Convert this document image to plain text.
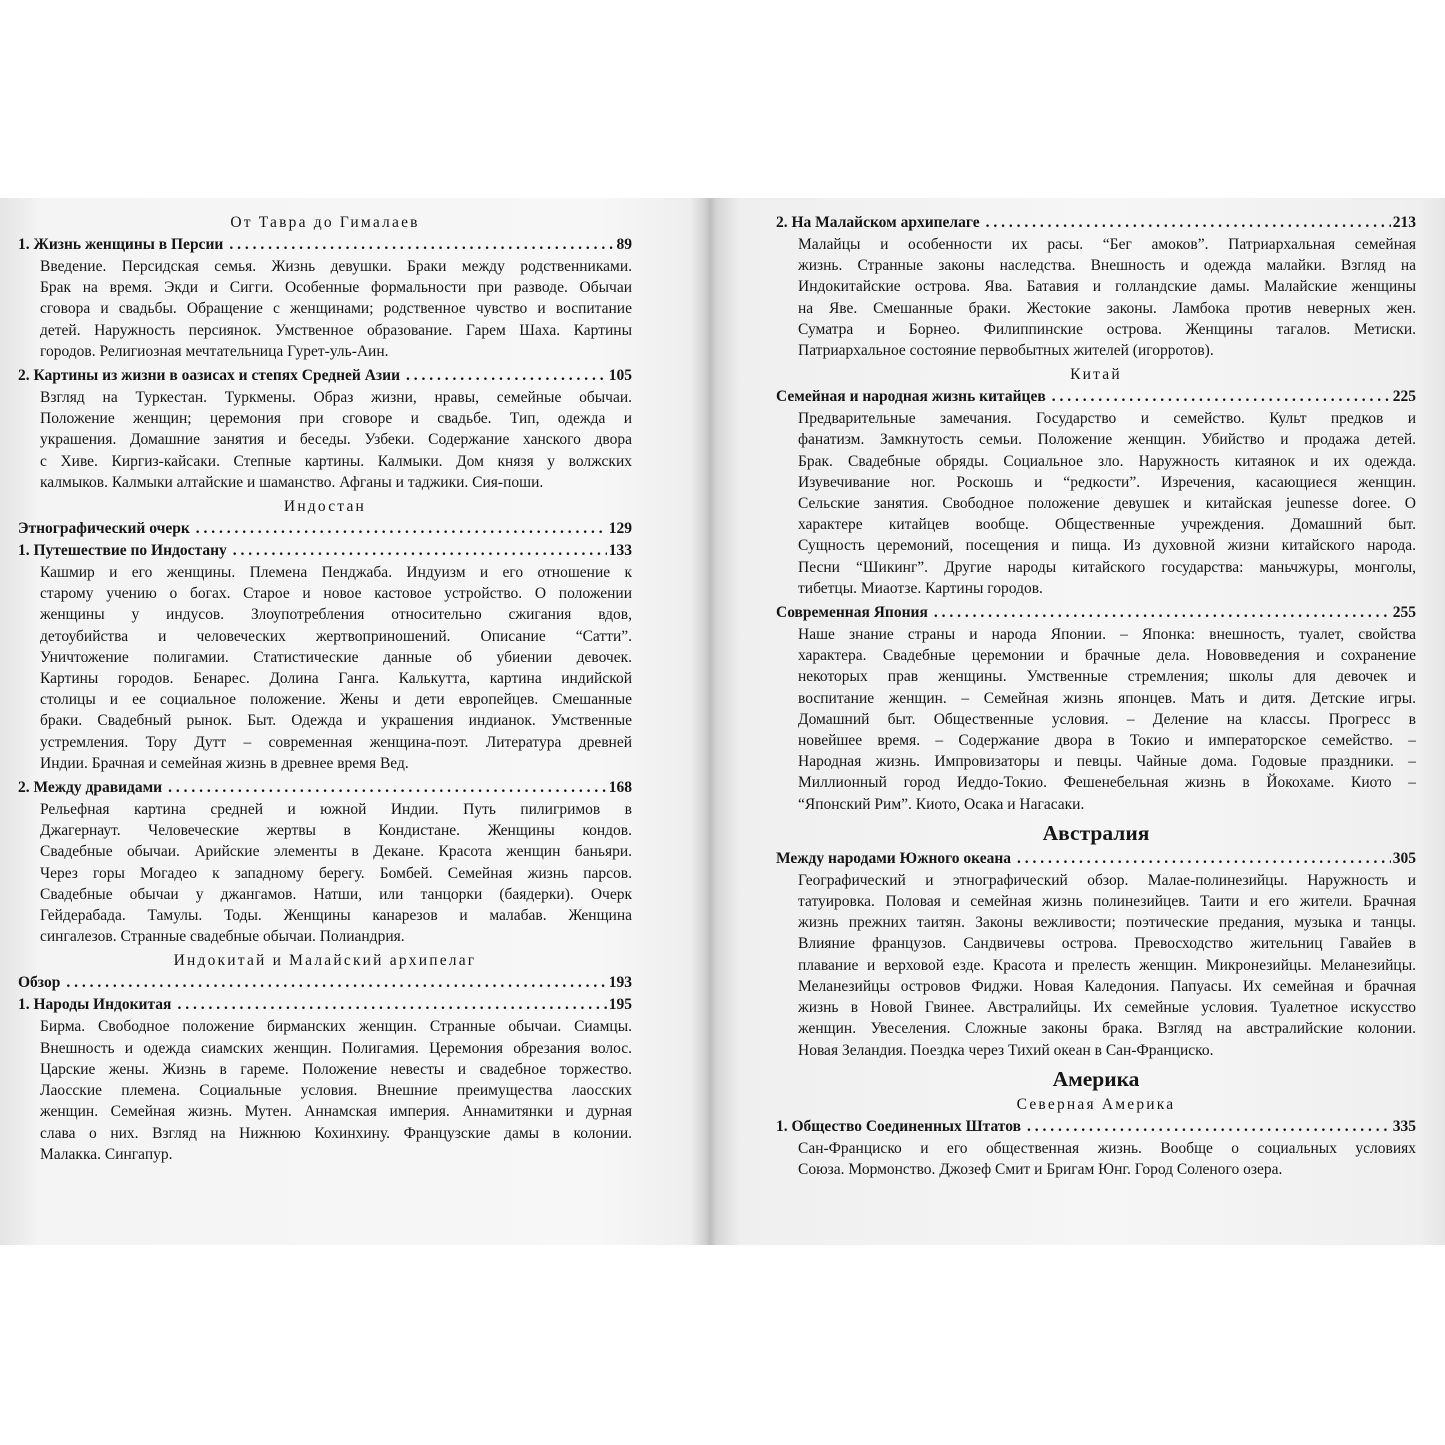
От Тавра до Гималаев
1. Жизнь женщины в Персии . . .	89
Введение. Персидская семья. Жизнь девушки. Браки между родственниками.
Брак на время. Экди и Сигги. Особенные формальности при разводе. Обычаи
сговора и свадьбы. Обращение с женщинами; родственное чувство и воспитание
детей. Наружность персиянок. Умственное образование. Гарем Шаха. Картины
городов. Религиозная мечтательница Гурет-уль-Аин.
2. Картины из жизни в оазисах и степях Средней Азии . . .	105
Взгляд на Туркестан. Туркмены. Образ жизни, нравы, семейные обычаи.
Положение женщин; церемония при сговоре и свадьбе. Тип, одежда и
украшения. Домашние занятия и беседы. Узбеки. Содержание ханского двора
с Хиве. Киргиз-кайсаки. Степные картины. Калмыки. Дом князя у волжских
калмыков. Калмыки алтайские и шаманство. Афганы и таджики. Сия-поши.
Индостан
Этнографический очерк . . .	129
1. Путешествие по Индостану . . .	133
Кашмир и его женщины. Племена Пенджаба. Индуизм и его отношение к
старому учению о богах. Старое и новое кастовое устройство. О положении
женщины у индусов. Злоупотребления относительно сжигания вдов,
детоубийства и человеческих жертвоприношений. Описание “Сатти”.
Уничтожение полигамии. Статистические данные об убиении девочек.
Картины городов. Бенарес. Долина Ганга. Калькутта, картина индийской
столицы и ее социальное положение. Жены и дети европейцев. Смешанные
браки. Свадебный рынок. Быт. Одежда и украшения индианок. Умственные
устремления. Тору Дутт – современная женщина-поэт. Литература древней
Индии. Брачная и семейная жизнь в древнее время Вед.
2. Между дравидами . . .	168
Рельефная картина средней и южной Индии. Путь пилигримов в
Джагернаут. Человеческие жертвы в Кондистане. Женщины кондов.
Свадебные обычаи. Арийские элементы в Декане. Красота женщин баньяри.
Через горы Могадео к западному берегу. Бомбей. Семейная жизнь парсов.
Свадебные обычаи у джангамов. Натши, или танцорки (баядерки). Очерк
Гейдерабада. Тамулы. Тоды. Женщины канарезов и малабав. Женщина
сингалезов. Странные свадебные обычаи. Полиандрия.
Индокитай и Малайский архипелаг
Обзор . . .	193
1. Народы Индокитая . . .	195
Бирма. Свободное положение бирманских женщин. Странные обычаи. Сиамцы.
Внешность и одежда сиамских женщин. Полигамия. Церемония обрезания волос.
Царские жены. Жизнь в гареме. Положение невесты и свадебное торжество.
Лаосские племена. Социальные условия. Внешние преимущества лаосских
женщин. Семейная жизнь. Мутен. Аннамская империя. Аннамитянки и дурная
слава о них. Взгляд на Нижнюю Кохинхину. Французские дамы в колонии.
Малакка. Сингапур.
2. На Малайском архипелаге . . .	213
Малайцы и особенности их расы. “Бег амоков”. Патриархальная семейная
жизнь. Странные законы наследства. Внешность и одежда малайки. Взгляд на
Индокитайские острова. Ява. Батавия и голландские дамы. Малайские женщины
на Яве. Смешанные браки. Жестокие законы. Ламбока против неверных жен.
Суматра и Борнео. Филиппинские острова. Женщины тагалов. Метиски.
Патриархальное состояние первобытных жителей (игорротов).
Китай
Семейная и народная жизнь китайцев . . .	225
Предварительные замечания. Государство и семейство. Культ предков и
фанатизм. Замкнутость семьи. Положение женщин. Убийство и продажа детей.
Брак. Свадебные обряды. Социальное зло. Наружность китаянок и их одежда.
Изувечивание ног. Роскошь и “редкости”. Изречения, касающиеся женщин.
Сельские занятия. Свободное положение девушек и китайская jeunesse doree. О
характере китайцев вообще. Общественные учреждения. Домашний быт.
Сущность церемоний, посещения и пища. Из духовной жизни китайского народа.
Песни “Шикинг”. Другие народы китайского государства: маньчжуры, монголы,
тибетцы. Миаотзе. Картины городов.
Современная Япония . . .	255
Наше знание страны и народа Японии. – Японка: внешность, туалет, свойства
характера. Свадебные церемонии и брачные дела. Нововведения и сохранение
некоторых прав женщины. Умственные стремления; школы для девочек и
воспитание женщин. – Семейная жизнь японцев. Мать и дитя. Детские игры.
Домашний быт. Общественные условия. – Деление на классы. Прогресс в
новейшее время. – Содержание двора в Токио и императорское семейство. –
Народная жизнь. Импровизаторы и певцы. Чайные дома. Годовые праздники. –
Миллионный город Иеддо-Токио. Фешенебельная жизнь в Йокохаме. Киото –
“Японский Рим”. Киото, Осака и Нагасаки.
Австралия
Между народами Южного океана . . .	305
Географический и этнографический обзор. Малае-полинезийцы. Наружность и
татуировка. Половая и семейная жизнь полинезийцев. Таити и его жители. Брачная
жизнь прежних таитян. Законы вежливости; поэтические предания, музыка и танцы.
Влияние французов. Сандвичевы острова. Превосходство жительниц Гавайев в
плавание и верховой езде. Красота и прелесть женщин. Микронезийцы. Меланезийцы.
Меланезийцы островов Фиджи. Новая Каледония. Папуасы. Их семейная и брачная
жизнь в Новой Гвинее. Австралийцы. Их семейные условия. Туалетное искусство
женщин. Увеселения. Сложные законы брака. Взгляд на австралийские колонии.
Новая Зеландия. Поездка через Тихий океан в Сан-Франциско.
Америка
Северная Америка
1. Общество Соединенных Штатов . . .	335
Сан-Франциско и его общественная жизнь. Вообще о социальных условиях
Союза. Мормонство. Джозеф Смит и Бригам Юнг. Город Соленого озера.
